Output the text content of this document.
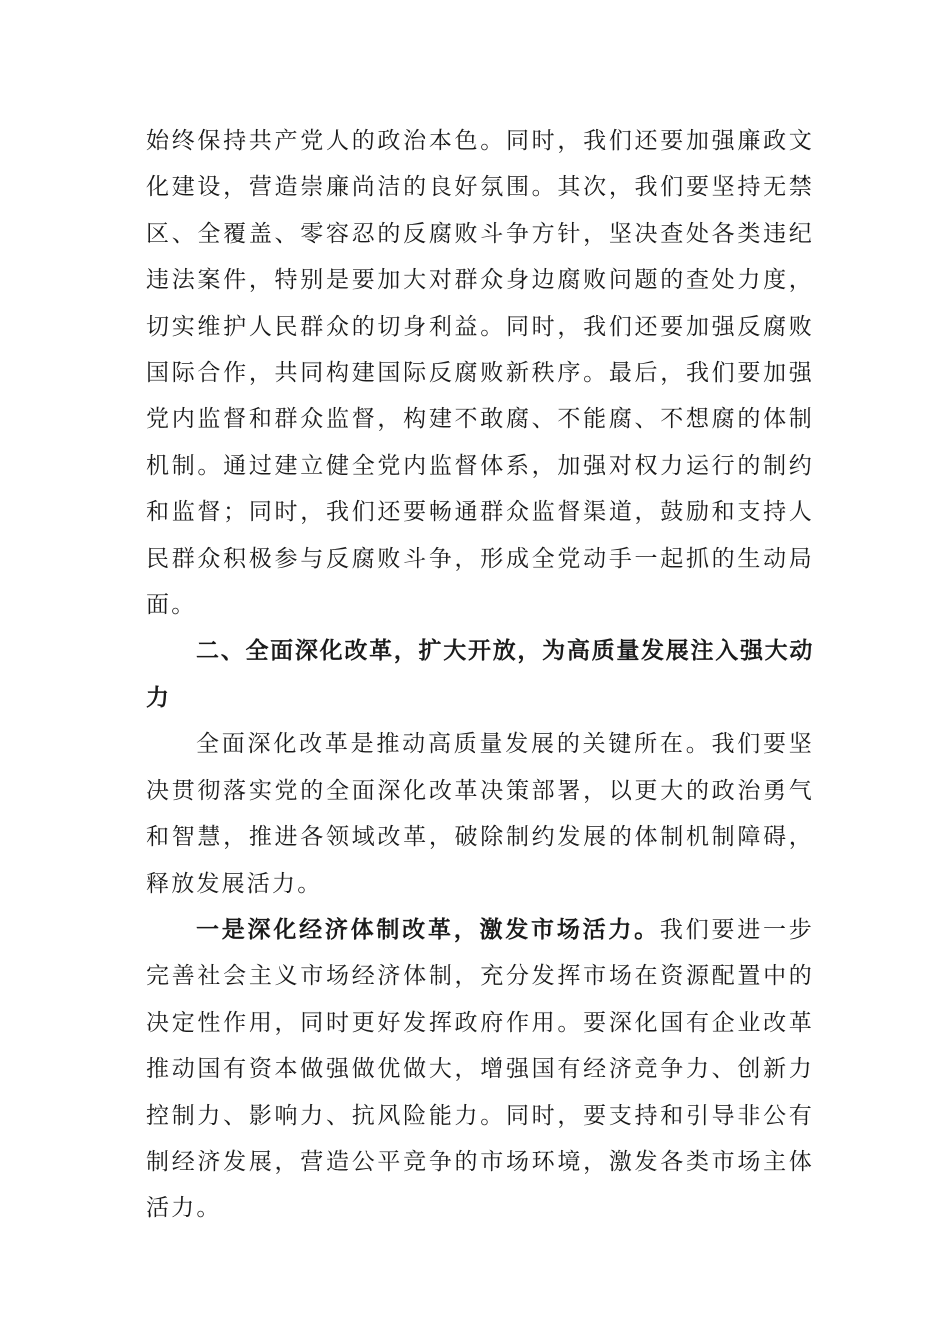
始终保持共产党人的政治本色。同时，我们还要加强廉政文化建设，营造崇廉尚洁的良好氛围。其次，我们要坚持无禁区、全覆盖、零容忍的反腐败斗争方针，坚决查处各类违纪违法案件，特别是要加大对群众身边腐败问题的查处力度，切实维护人民群众的切身利益。同时，我们还要加强反腐败国际合作，共同构建国际反腐败新秩序。最后，我们要加强党内监督和群众监督，构建不敢腐、不能腐、不想腐的体制机制。通过建立健全党内监督体系，加强对权力运行的制约和监督；同时，我们还要畅通群众监督渠道，鼓励和支持人民群众积极参与反腐败斗争，形成全党动手一起抓的生动局面。

二、全面深化改革，扩大开放，为高质量发展注入强大动力

全面深化改革是推动高质量发展的关键所在。我们要坚决贯彻落实党的全面深化改革决策部署，以更大的政治勇气和智慧，推进各领域改革，破除制约发展的体制机制障碍，释放发展活力。

一是深化经济体制改革，激发市场活力。我们要进一步完善社会主义市场经济体制，充分发挥市场在资源配置中的决定性作用，同时更好发挥政府作用。要深化国有企业改革推动国有资本做强做优做大，增强国有经济竞争力、创新力控制力、影响力、抗风险能力。同时，要支持和引导非公有制经济发展，营造公平竞争的市场环境，激发各类市场主体活力。
